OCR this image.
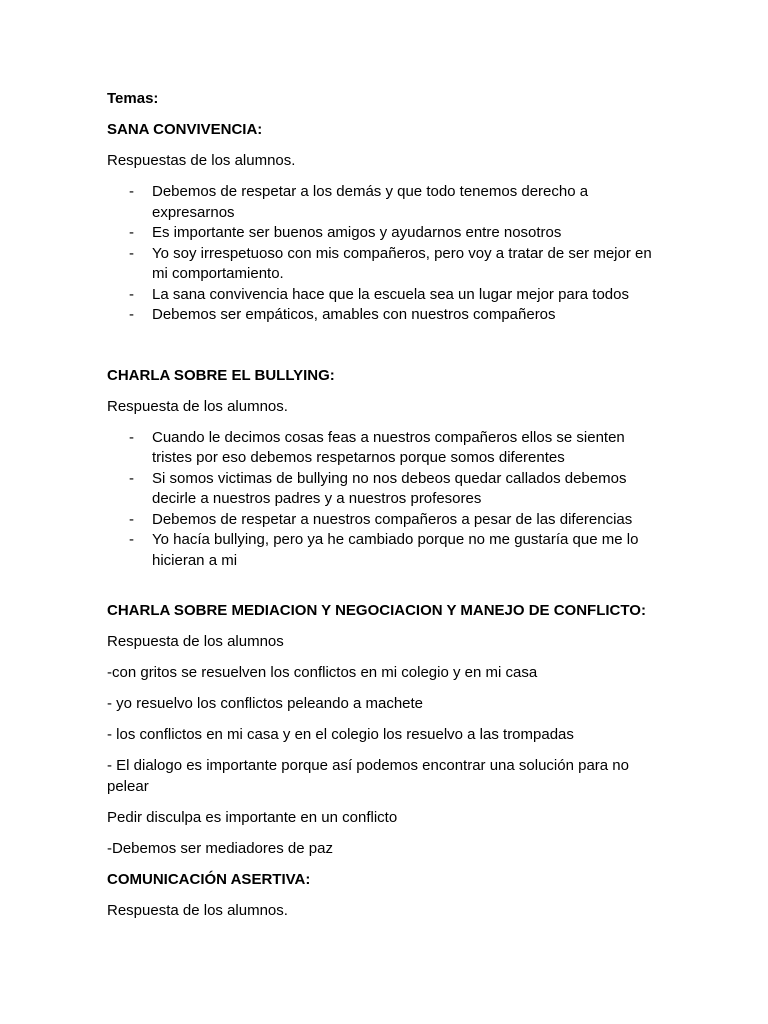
Temas:

SANA CONVIVENCIA:

Respuestas de los alumnos.

- Debemos de respetar a los demás y que todo tenemos derecho a expresarnos
- Es importante ser buenos amigos y ayudarnos entre nosotros
- Yo soy irrespetuoso con mis compañeros, pero voy a tratar de ser mejor en mi comportamiento.
- La sana convivencia hace que la escuela sea un lugar mejor para todos
- Debemos ser empáticos, amables con nuestros compañeros

CHARLA SOBRE EL BULLYING:

Respuesta de los alumnos.

- Cuando le decimos cosas feas a nuestros compañeros ellos se sienten tristes por eso debemos respetarnos porque somos diferentes
- Si somos victimas de bullying no nos debeos quedar callados debemos decirle a nuestros padres y a nuestros profesores
- Debemos de respetar a nuestros compañeros a pesar de las diferencias
- Yo hacía bullying, pero ya he cambiado porque no me gustaría que me lo hicieran a mi

CHARLA SOBRE MEDIACION Y NEGOCIACION Y MANEJO DE CONFLICTO:

Respuesta de los alumnos

-con gritos se resuelven los conflictos en mi colegio y en mi casa

- yo resuelvo los conflictos peleando a machete

- los conflictos en mi casa y en el colegio los resuelvo a las trompadas

- El dialogo es importante porque así podemos encontrar una solución para no pelear

Pedir disculpa es importante en un conflicto

-Debemos ser mediadores de paz

COMUNICACIÓN ASERTIVA:

Respuesta de los alumnos.
